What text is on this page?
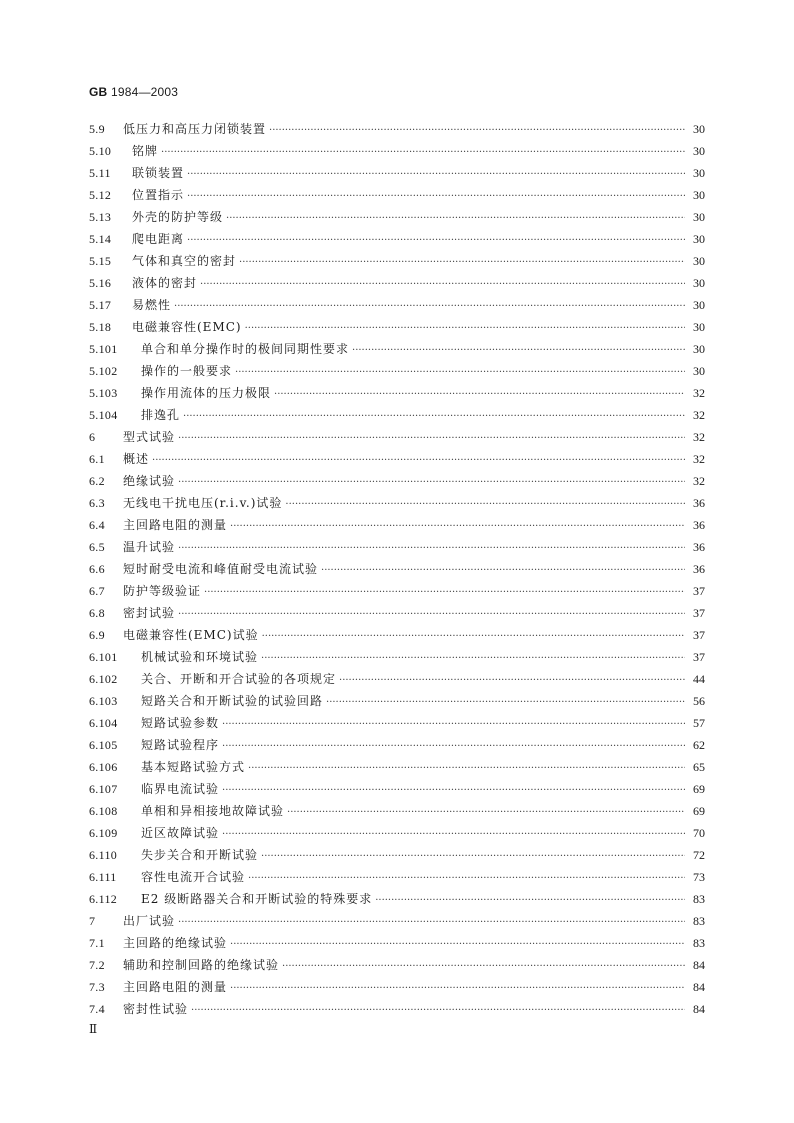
GB 1984—2003
5.9	低压力和高压力闭锁装置 ·····	30
5.10	铭牌 ·····	30
5.11	联锁装置 ·····	30
5.12	位置指示 ·····	30
5.13	外壳的防护等级 ·····	30
5.14	爬电距离 ·····	30
5.15	气体和真空的密封 ·····	30
5.16	液体的密封 ·····	30
5.17	易燃性 ·····	30
5.18	电磁兼容性(EMC) ·····	30
5.101	单合和单分操作时的极间同期性要求 ·····	30
5.102	操作的一般要求 ·····	30
5.103	操作用流体的压力极限 ·····	32
5.104	排逸孔 ·····	32
6	型式试验 ·····	32
6.1	概述 ·····	32
6.2	绝缘试验 ·····	32
6.3	无线电干扰电压(r.i.v.)试验 ·····	36
6.4	主回路电阻的测量 ·····	36
6.5	温升试验 ·····	36
6.6	短时耐受电流和峰值耐受电流试验 ·····	36
6.7	防护等级验证 ·····	37
6.8	密封试验 ·····	37
6.9	电磁兼容性(EMC)试验 ·····	37
6.101	机械试验和环境试验 ·····	37
6.102	关合、开断和开合试验的各项规定 ·····	44
6.103	短路关合和开断试验的试验回路 ·····	56
6.104	短路试验参数 ·····	57
6.105	短路试验程序 ·····	62
6.106	基本短路试验方式 ·····	65
6.107	临界电流试验 ·····	69
6.108	单相和异相接地故障试验 ·····	69
6.109	近区故障试验 ·····	70
6.110	失步关合和开断试验 ·····	72
6.111	容性电流开合试验 ·····	73
6.112	E2 级断路器关合和开断试验的特殊要求 ·····	83
7	出厂试验 ·····	83
7.1	主回路的绝缘试验 ·····	83
7.2	辅助和控制回路的绝缘试验 ·····	84
7.3	主回路电阻的测量 ·····	84
7.4	密封性试验 ·····	84
Ⅱ
